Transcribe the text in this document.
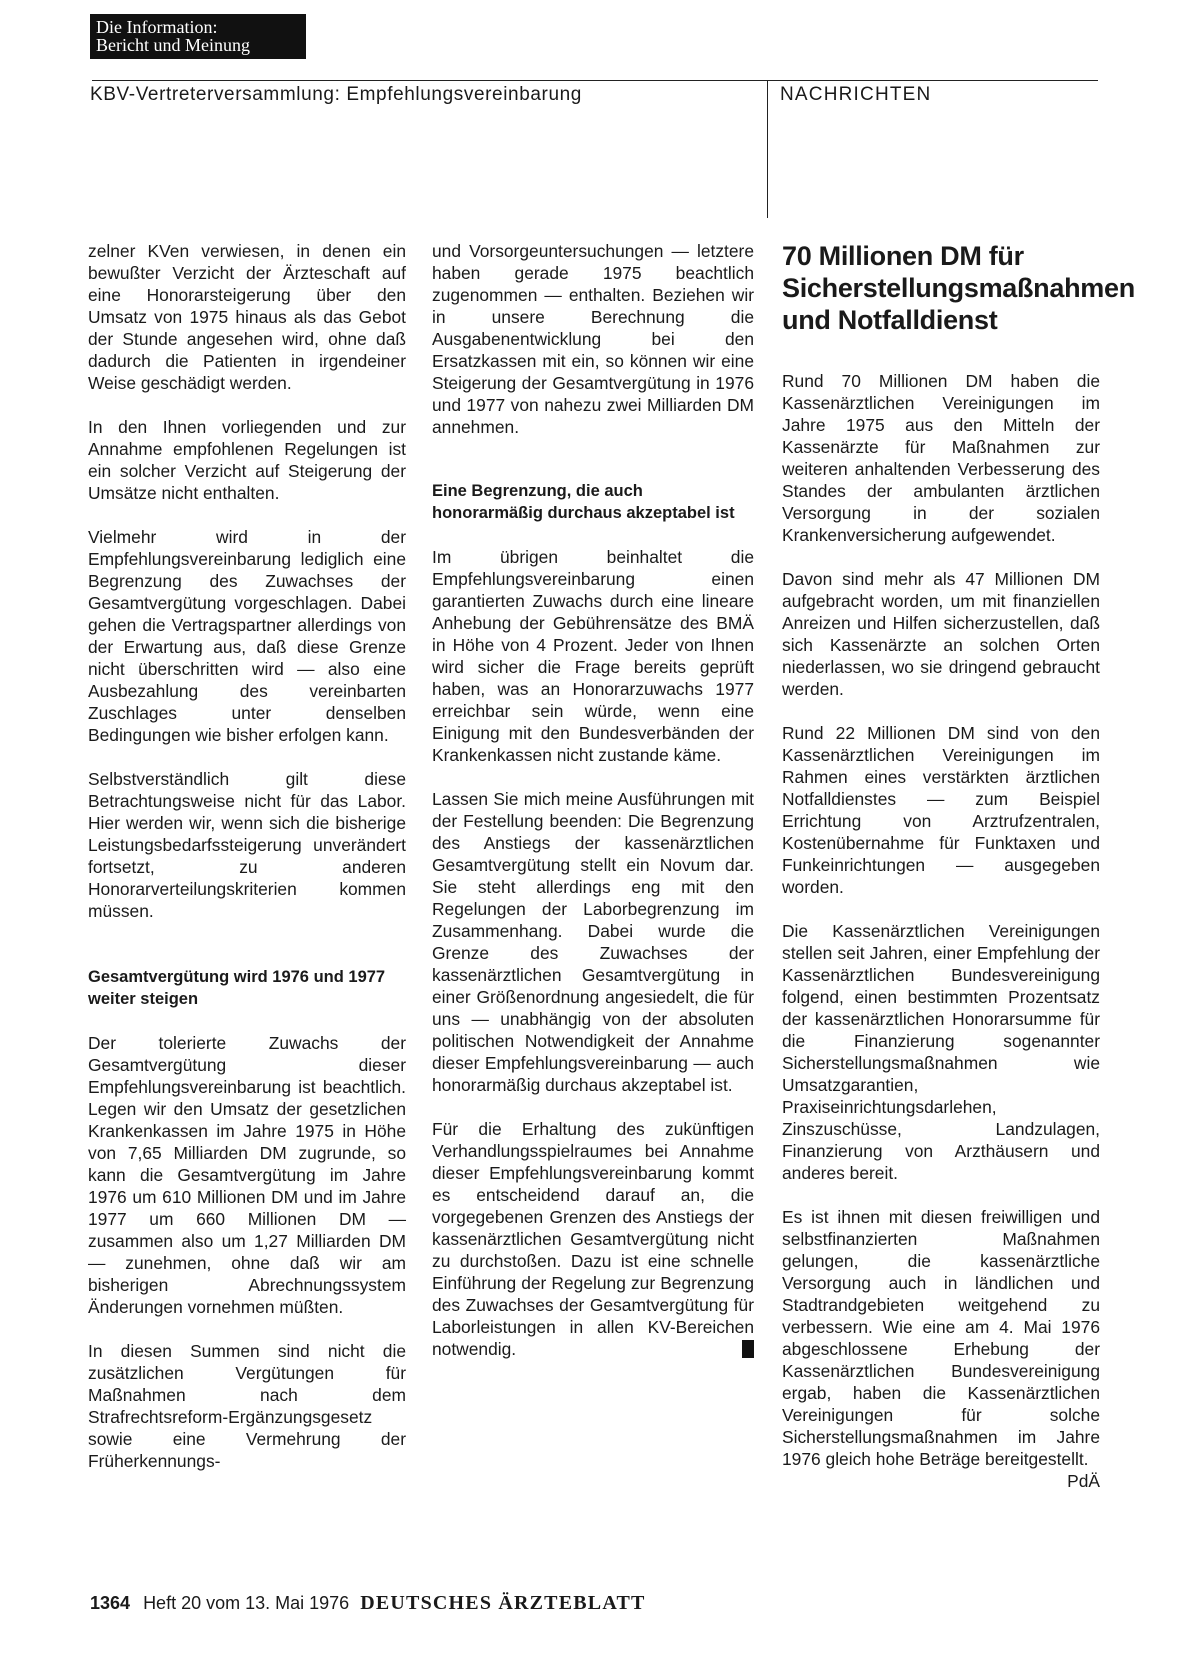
Die Information:
Bericht und Meinung
KBV-Vertreterversammlung: Empfehlungsvereinbarung	NACHRICHTEN

zelner KVen verwiesen, in denen ein bewußter Verzicht der Ärzteschaft auf eine Honorarsteigerung über den Umsatz von 1975 hinaus als das Gebot der Stunde angesehen wird, ohne daß dadurch die Patienten in irgendeiner Weise geschädigt werden.

In den Ihnen vorliegenden und zur Annahme empfohlenen Regelungen ist ein solcher Verzicht auf Steigerung der Umsätze nicht enthalten.

Vielmehr wird in der Empfehlungsvereinbarung lediglich eine Begrenzung des Zuwachses der Gesamtvergütung vorgeschlagen. Dabei gehen die Vertragspartner allerdings von der Erwartung aus, daß diese Grenze nicht überschritten wird — also eine Ausbezahlung des vereinbarten Zuschlages unter denselben Bedingungen wie bisher erfolgen kann.

Selbstverständlich gilt diese Betrachtungsweise nicht für das Labor. Hier werden wir, wenn sich die bisherige Leistungsbedarfssteigerung unverändert fortsetzt, zu anderen Honorarverteilungskriterien kommen müssen.

Gesamtvergütung wird 1976 und 1977 weiter steigen

Der tolerierte Zuwachs der Gesamtvergütung dieser Empfehlungsvereinbarung ist beachtlich. Legen wir den Umsatz der gesetzlichen Krankenkassen im Jahre 1975 in Höhe von 7,65 Milliarden DM zugrunde, so kann die Gesamtvergütung im Jahre 1976 um 610 Millionen DM und im Jahre 1977 um 660 Millionen DM — zusammen also um 1,27 Milliarden DM — zunehmen, ohne daß wir am bisherigen Abrechnungssystem Änderungen vornehmen müßten.

In diesen Summen sind nicht die zusätzlichen Vergütungen für Maßnahmen nach dem Strafrechtsreform-Ergänzungsgesetz sowie eine Vermehrung der Früherkennungs-

und Vorsorgeuntersuchungen — letztere haben gerade 1975 beachtlich zugenommen — enthalten. Beziehen wir in unsere Berechnung die Ausgabenentwicklung bei den Ersatzkassen mit ein, so können wir eine Steigerung der Gesamtvergütung in 1976 und 1977 von nahezu zwei Milliarden DM annehmen.

Eine Begrenzung, die auch honorarmäßig durchaus akzeptabel ist

Im übrigen beinhaltet die Empfehlungsvereinbarung einen garantierten Zuwachs durch eine lineare Anhebung der Gebührensätze des BMÄ in Höhe von 4 Prozent. Jeder von Ihnen wird sicher die Frage bereits geprüft haben, was an Honorarzuwachs 1977 erreichbar sein würde, wenn eine Einigung mit den Bundesverbänden der Krankenkassen nicht zustande käme.

Lassen Sie mich meine Ausführungen mit der Festellung beenden: Die Begrenzung des Anstiegs der kassenärztlichen Gesamtvergütung stellt ein Novum dar. Sie steht allerdings eng mit den Regelungen der Laborbegrenzung im Zusammenhang. Dabei wurde die Grenze des Zuwachses der kassenärztlichen Gesamtvergütung in einer Größenordnung angesiedelt, die für uns — unabhängig von der absoluten politischen Notwendigkeit der Annahme dieser Empfehlungsvereinbarung — auch honorarmäßig durchaus akzeptabel ist.

Für die Erhaltung des zukünftigen Verhandlungsspielraumes bei Annahme dieser Empfehlungsvereinbarung kommt es entscheidend darauf an, die vorgegebenen Grenzen des Anstiegs der kassenärztlichen Gesamtvergütung nicht zu durchstoßen. Dazu ist eine schnelle Einführung der Regelung zur Begrenzung des Zuwachses der Gesamtvergütung für Laborleistungen in allen KV-Bereichen notwendig.

70 Millionen DM für Sicherstellungsmaßnahmen und Notfalldienst

Rund 70 Millionen DM haben die Kassenärztlichen Vereinigungen im Jahre 1975 aus den Mitteln der Kassenärzte für Maßnahmen zur weiteren anhaltenden Verbesserung des Standes der ambulanten ärztlichen Versorgung in der sozialen Krankenversicherung aufgewendet.

Davon sind mehr als 47 Millionen DM aufgebracht worden, um mit finanziellen Anreizen und Hilfen sicherzustellen, daß sich Kassenärzte an solchen Orten niederlassen, wo sie dringend gebraucht werden.

Rund 22 Millionen DM sind von den Kassenärztlichen Vereinigungen im Rahmen eines verstärkten ärztlichen Notfalldienstes — zum Beispiel Errichtung von Arztrufzentralen, Kostenübernahme für Funktaxen und Funkeinrichtungen — ausgegeben worden.

Die Kassenärztlichen Vereinigungen stellen seit Jahren, einer Empfehlung der Kassenärztlichen Bundesvereinigung folgend, einen bestimmten Prozentsatz der kassenärztlichen Honorarsumme für die Finanzierung sogenannter Sicherstellungsmaßnahmen wie Umsatzgarantien, Praxiseinrichtungsdarlehen, Zinszuschüsse, Landzulagen, Finanzierung von Arzthäusern und anderes bereit.

Es ist ihnen mit diesen freiwilligen und selbstfinanzierten Maßnahmen gelungen, die kassenärztliche Versorgung auch in ländlichen und Stadtrandgebieten weitgehend zu verbessern. Wie eine am 4. Mai 1976 abgeschlossene Erhebung der Kassenärztlichen Bundesvereinigung ergab, haben die Kassenärztlichen Vereinigungen für solche Sicherstellungsmaßnahmen im Jahre 1976 gleich hohe Beträge bereitgestellt.
PdÄ

1364 Heft 20 vom 13. Mai 1976 DEUTSCHES ÄRZTEBLATT
